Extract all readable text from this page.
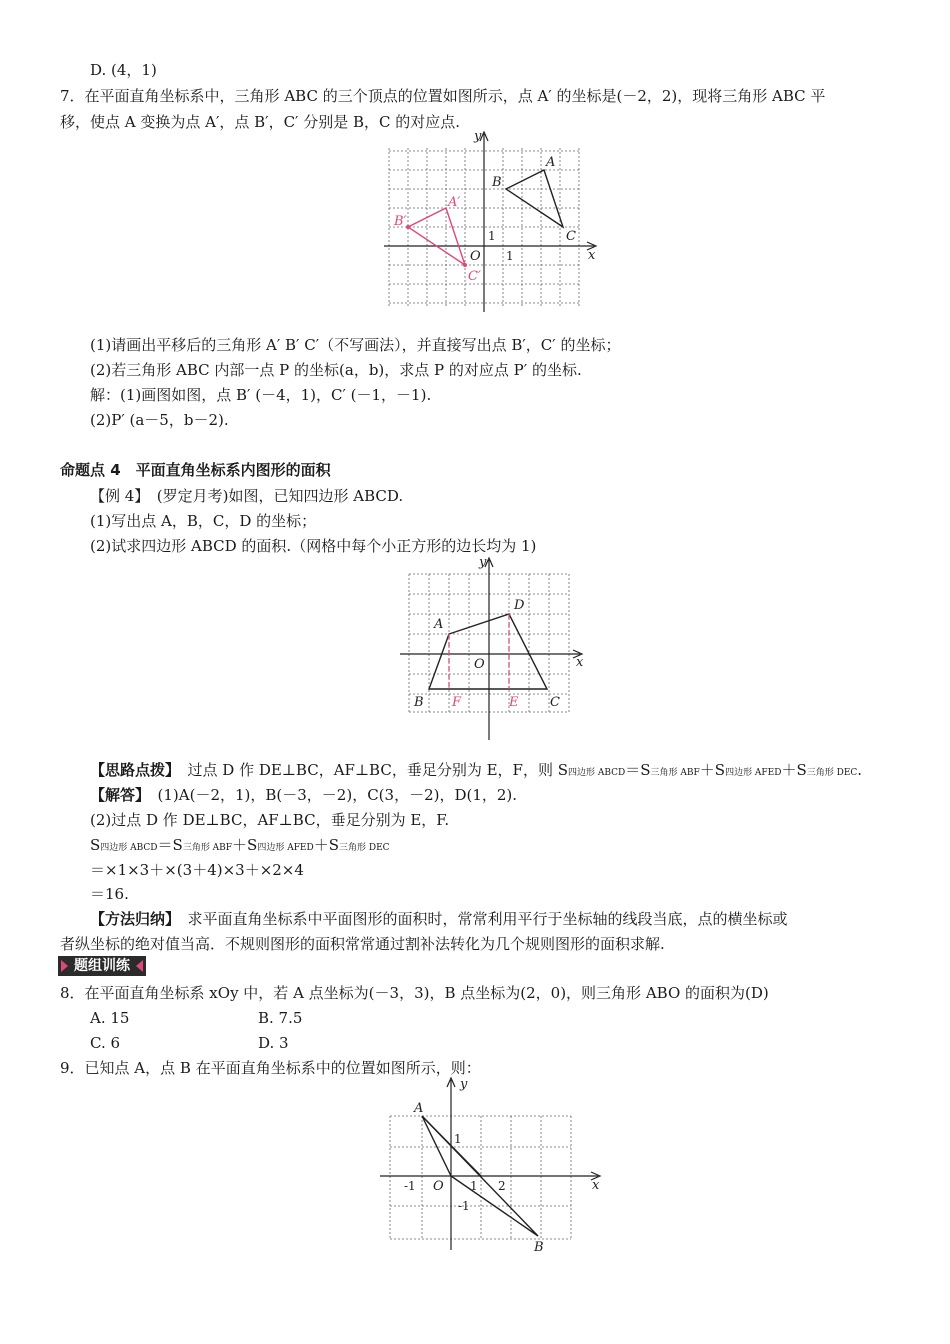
D. (4，1)
7．在平面直角坐标系中，三角形 ABC 的三个顶点的位置如图所示，点 A′ 的坐标是(－2，2)，现将三角形 ABC 平
移，使点 A 变换为点 A′，点 B′，C′ 分别是 B，C 的对应点.
x
y
O
A
B
C
1
1
A′
B′
C′
(1)请画出平移后的三角形 A′ B′ C′（不写画法），并直接写出点 B′，C′ 的坐标；
(2)若三角形 ABC 内部一点 P 的坐标(a，b)，求点 P 的对应点 P′ 的坐标.
解：(1)画图如图，点 B′ (－4，1)，C′ (－1，－1).
(2)P′ (a－5，b－2).
命题点 4　平面直角坐标系内图形的面积
【例 4】　(罗定月考)如图，已知四边形 ABCD.
(1)写出点 A，B，C，D 的坐标；
(2)试求四边形 ABCD 的面积.（网格中每个小正方形的边长均为 1)
x
y
O
A
B	C
D
F	E
【思路点拨】　过点 D 作 DE⊥BC，AF⊥BC，垂足分别为 E，F，则 S四边形 ABCD＝S三角形 ABF＋S四边形 AFED＋S三角形 DEC.
【解答】　(1)A(－2，1)，B(－3，－2)，C(3，－2)，D(1，2).
(2)过点 D 作 DE⊥BC，AF⊥BC，垂足分别为 E，F.
S四边形 ABCD＝S三角形 ABF＋S四边形 AFED＋S三角形 DEC
＝×1×3＋×(3＋4)×3＋×2×4
＝16.
【方法归纳】　求平面直角坐标系中平面图形的面积时，常常利用平行于坐标轴的线段当底，点的横坐标或
者纵坐标的绝对值当高．不规则图形的面积常常通过割补法转化为几个规则图形的面积求解.
题组训练
8．在平面直角坐标系 xOy 中，若 A 点坐标为(－3，3)，B 点坐标为(2，0)，则三角形 ABO 的面积为(D)
A. 15	B. 7.5
C. 6	D. 3
9．已知点 A，点 B 在平面直角坐标系中的位置如图所示，则：
x
y
O
A
B
-1	1 2
1
-1
